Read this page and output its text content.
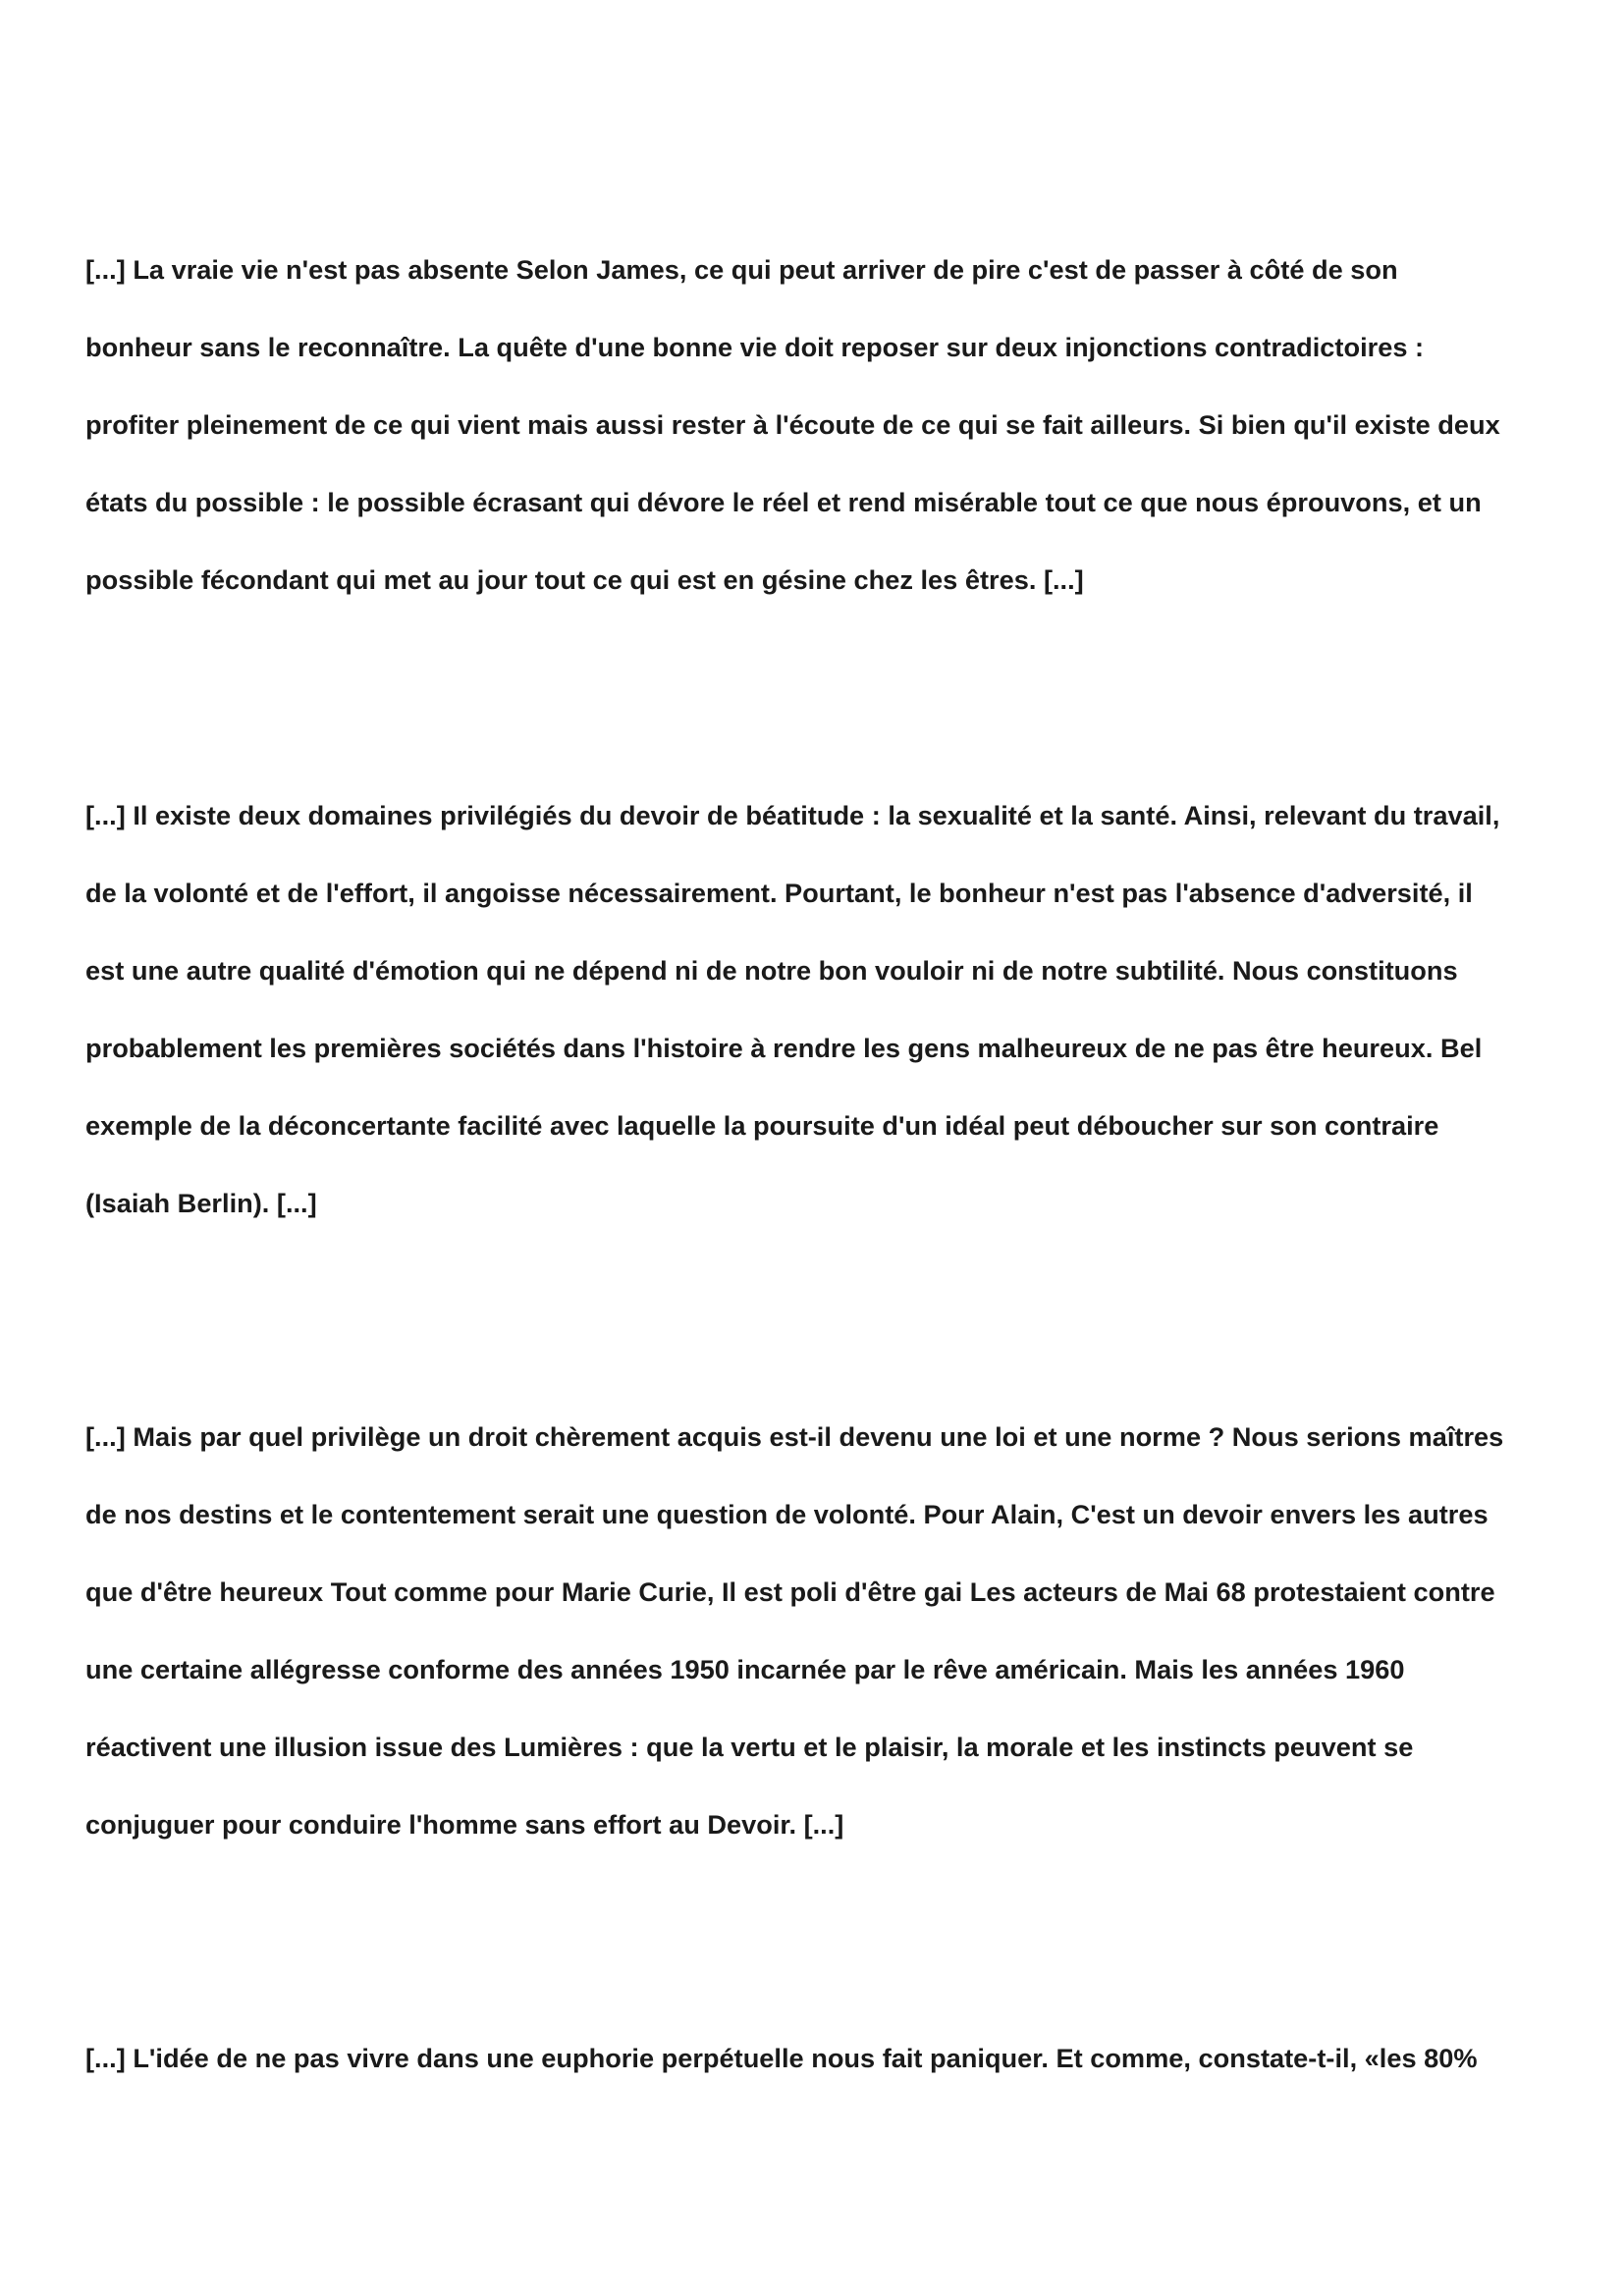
[...] La vraie vie n'est pas absente Selon James, ce qui peut arriver de pire c'est de passer à côté de son
bonheur sans le reconnaître. La quête d'une bonne vie doit reposer sur deux injonctions contradictoires :
profiter pleinement de ce qui vient mais aussi rester à l'écoute de ce qui se fait ailleurs. Si bien qu'il existe deux
états du possible : le possible écrasant qui dévore le réel et rend misérable tout ce que nous éprouvons, et un
possible fécondant qui met au jour tout ce qui est en gésine chez les êtres. [...]

[...] Il existe deux domaines privilégiés du devoir de béatitude : la sexualité et la santé. Ainsi, relevant du travail,
de la volonté et de l'effort, il angoisse nécessairement. Pourtant, le bonheur n'est pas l'absence d'adversité, il
est une autre qualité d'émotion qui ne dépend ni de notre bon vouloir ni de notre subtilité. Nous constituons
probablement les premières sociétés dans l'histoire à rendre les gens malheureux de ne pas être heureux. Bel
exemple de la déconcertante facilité avec laquelle la poursuite d'un idéal peut déboucher sur son contraire
(Isaiah Berlin). [...]

[...] Mais par quel privilège un droit chèrement acquis est-il devenu une loi et une norme ? Nous serions maîtres
de nos destins et le contentement serait une question de volonté. Pour Alain, C'est un devoir envers les autres
que d'être heureux Tout comme pour Marie Curie, Il est poli d'être gai Les acteurs de Mai 68 protestaient contre
une certaine allégresse conforme des années 1950 incarnée par le rêve américain. Mais les années 1960
réactivent une illusion issue des Lumières : que la vertu et le plaisir, la morale et les instincts peuvent se
conjuguer pour conduire l'homme sans effort au Devoir. [...]

[...] L'idée de ne pas vivre dans une euphorie perpétuelle nous fait paniquer. Et comme, constate-t-il, «les 80%
